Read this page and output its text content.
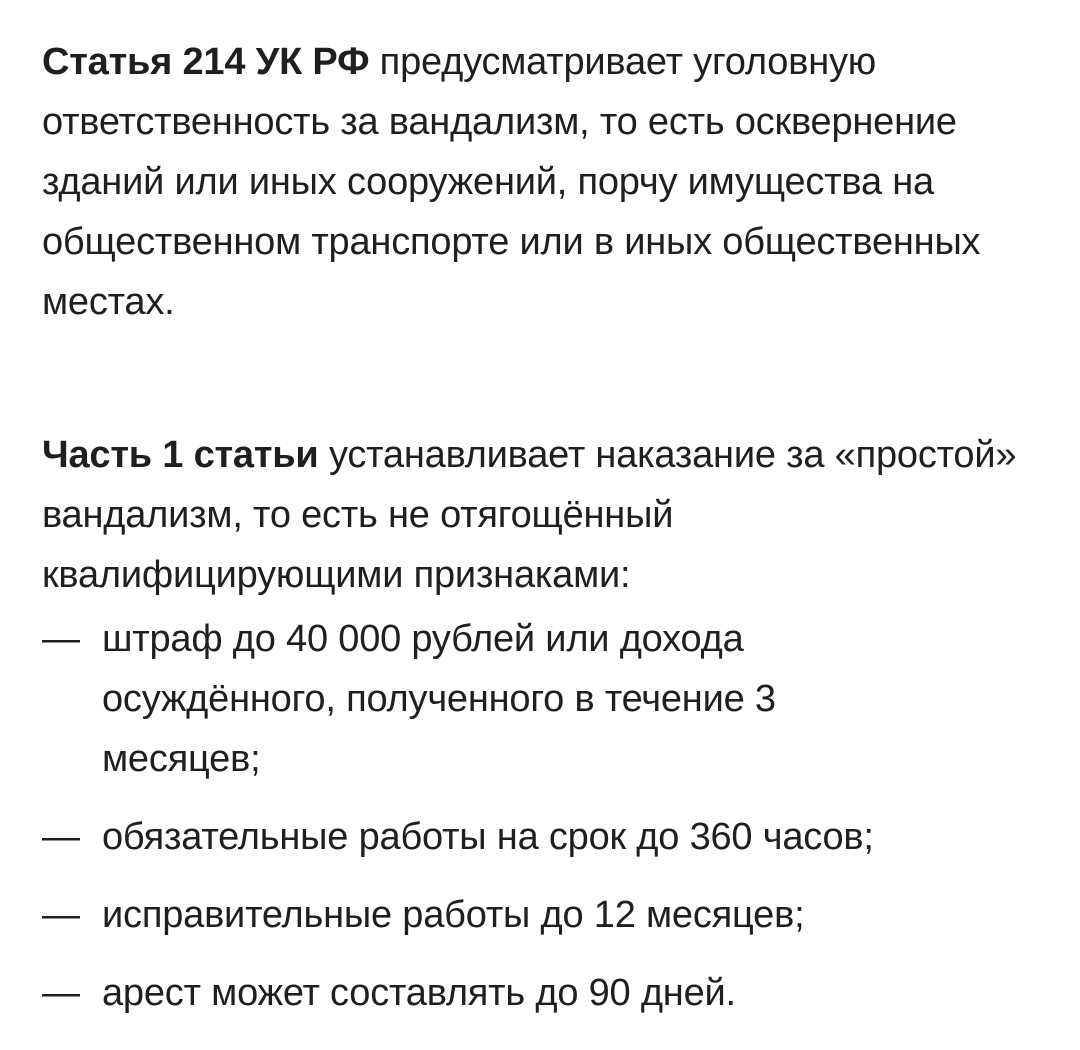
Статья 214 УК РФ предусматривает уголовную ответственность за вандализм, то есть осквернение зданий или иных сооружений, порчу имущества на общественном транспорте или в иных общественных местах.

Часть 1 статьи устанавливает наказание за «простой» вандализм, то есть не отягощённый квалифицирующими признаками:

— штраф до 40 000 рублей или дохода осуждённого, полученного в течение 3 месяцев;
— обязательные работы на срок до 360 часов;
— исправительные работы до 12 месяцев;
— арест может составлять до 90 дней.
